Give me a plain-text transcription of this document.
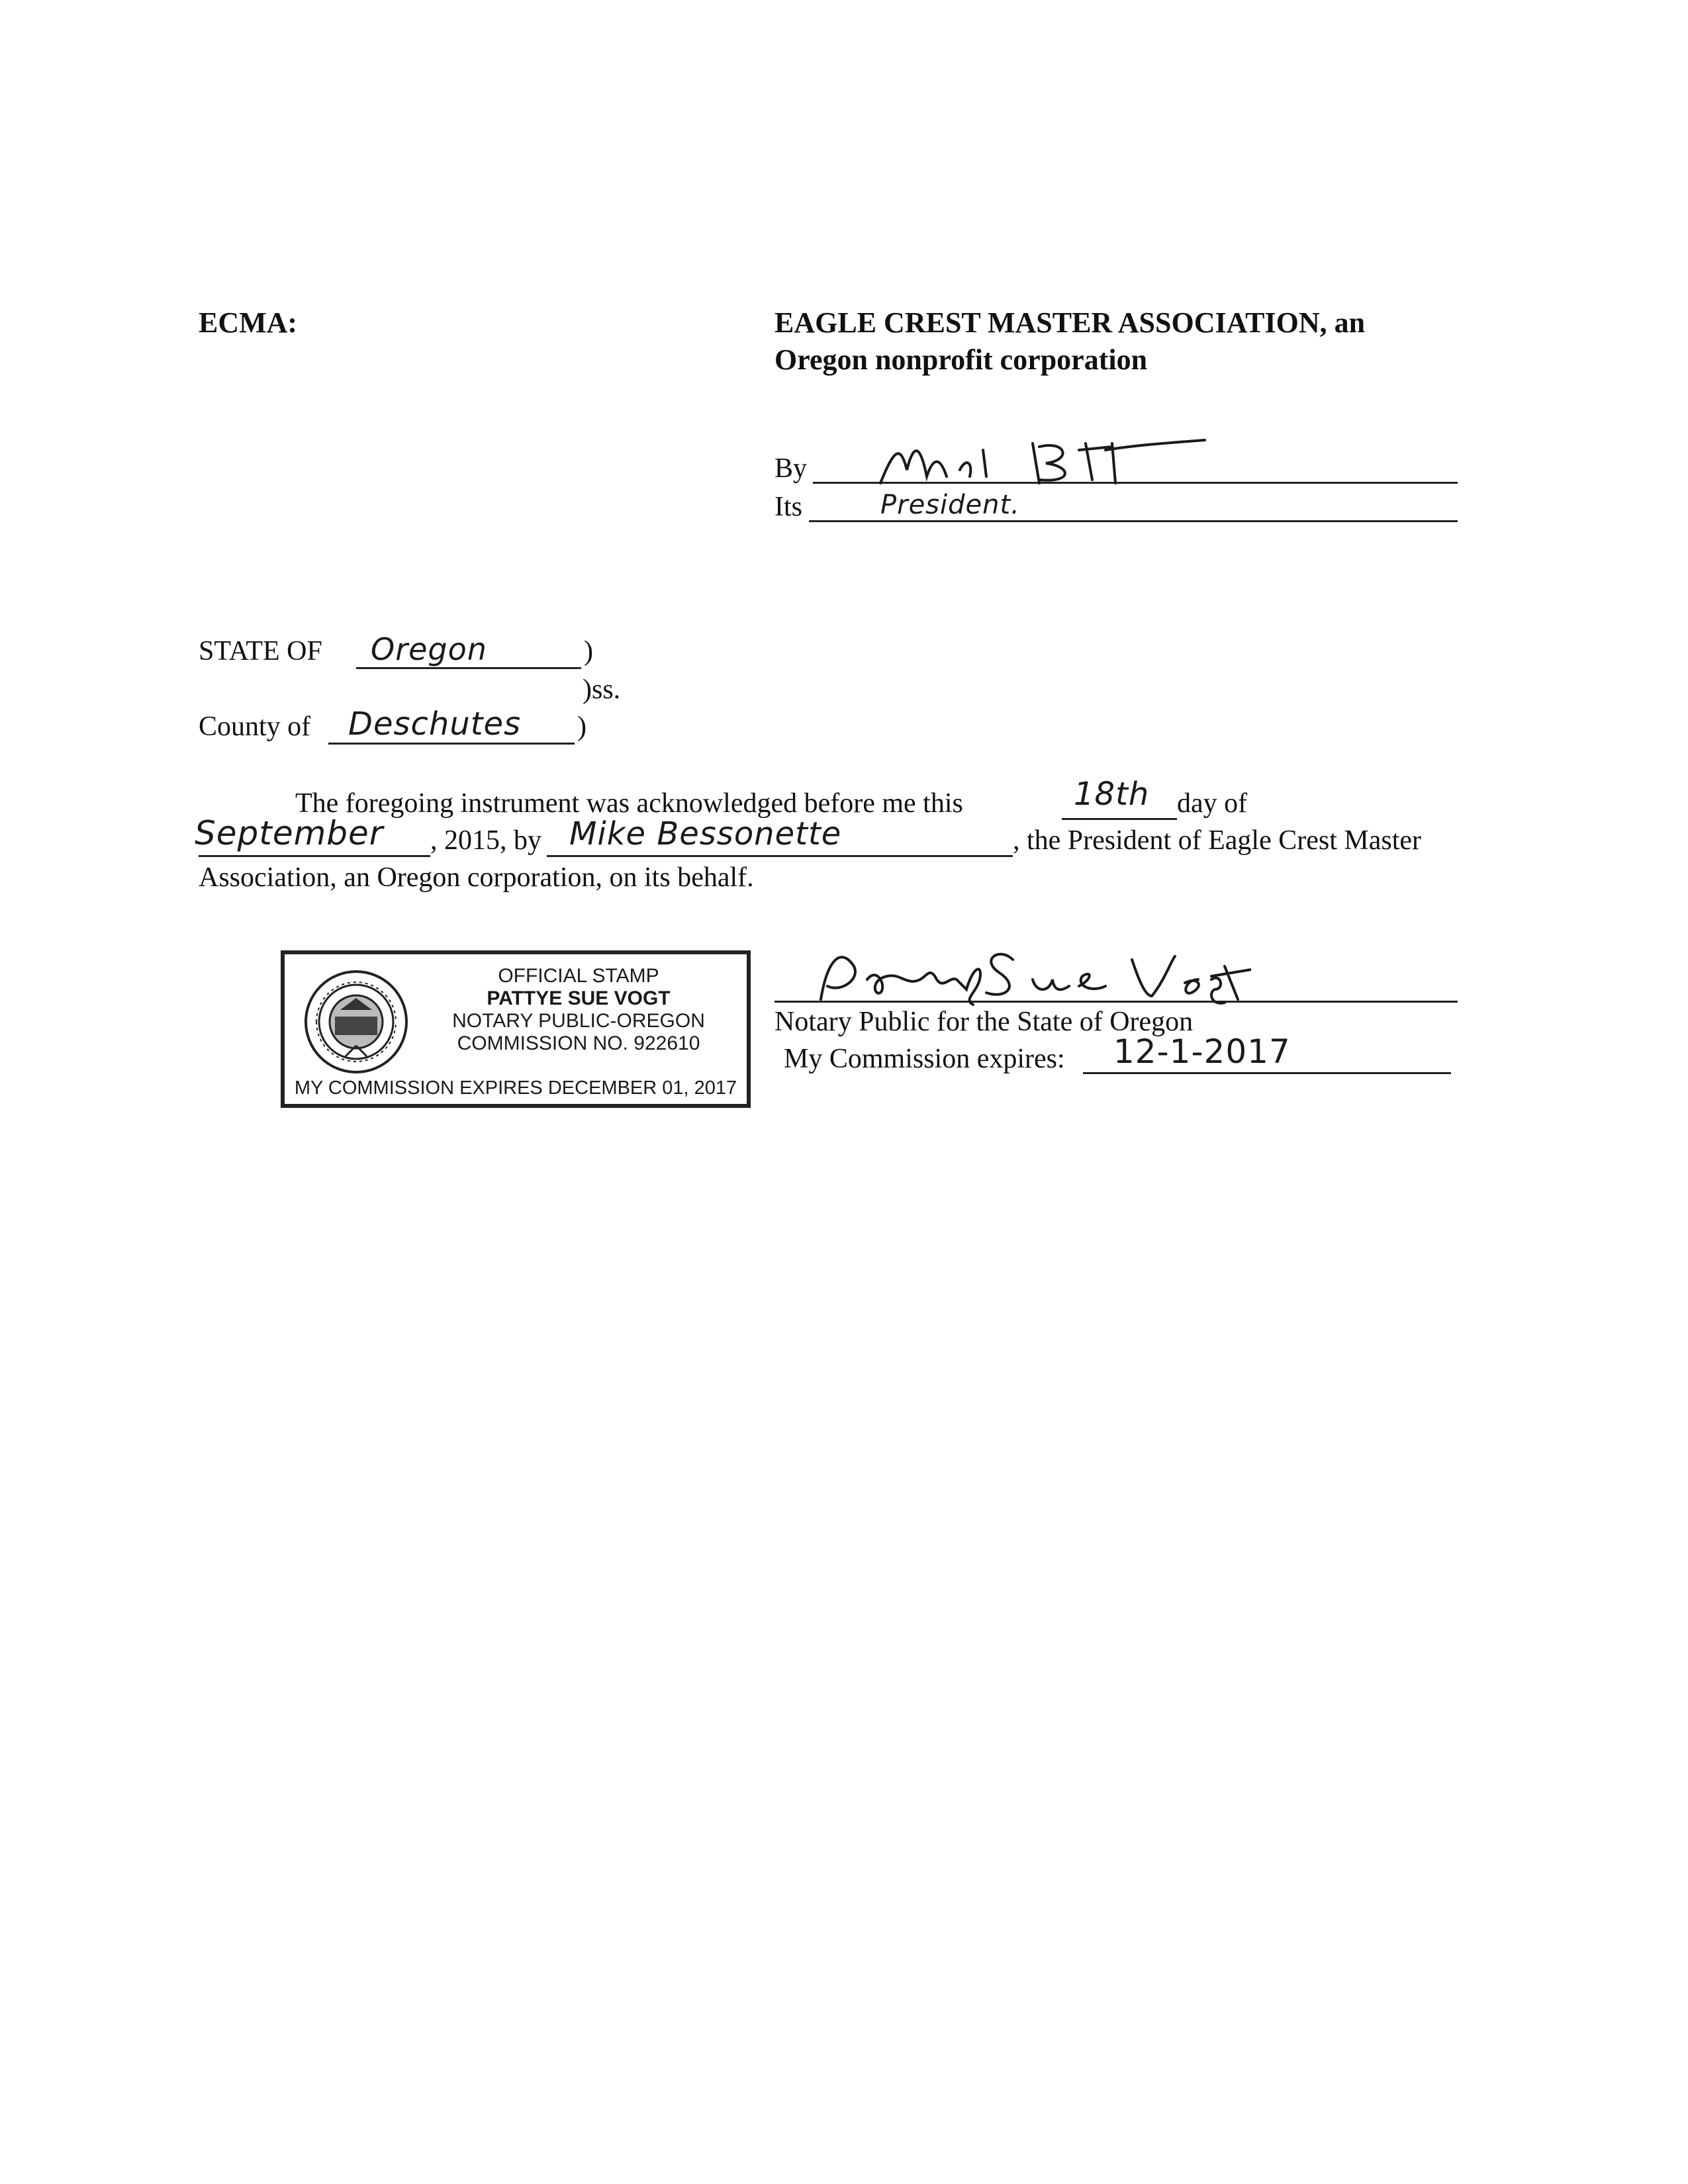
ECMA:	EAGLE CREST MASTER ASSOCIATION, an
Oregon nonprofit corporation
By
Its	President.
STATE OF Oregon	)
)ss.
County of Deschutes )
The foregoing instrument was acknowledged before me this	18th day of
September , 2015, by Mike Bessonette	, the President of Eagle Crest Master
Association, an Oregon corporation, on its behalf.
OFFICIAL STAMP
PATTYE SUE VOGT
NOTARY PUBLIC-OREGON
COMMISSION NO. 922610
MY COMMISSION EXPIRES DECEMBER 01, 2017
Notary Public for the State of Oregon
My Commission expires: 12-1-2017
